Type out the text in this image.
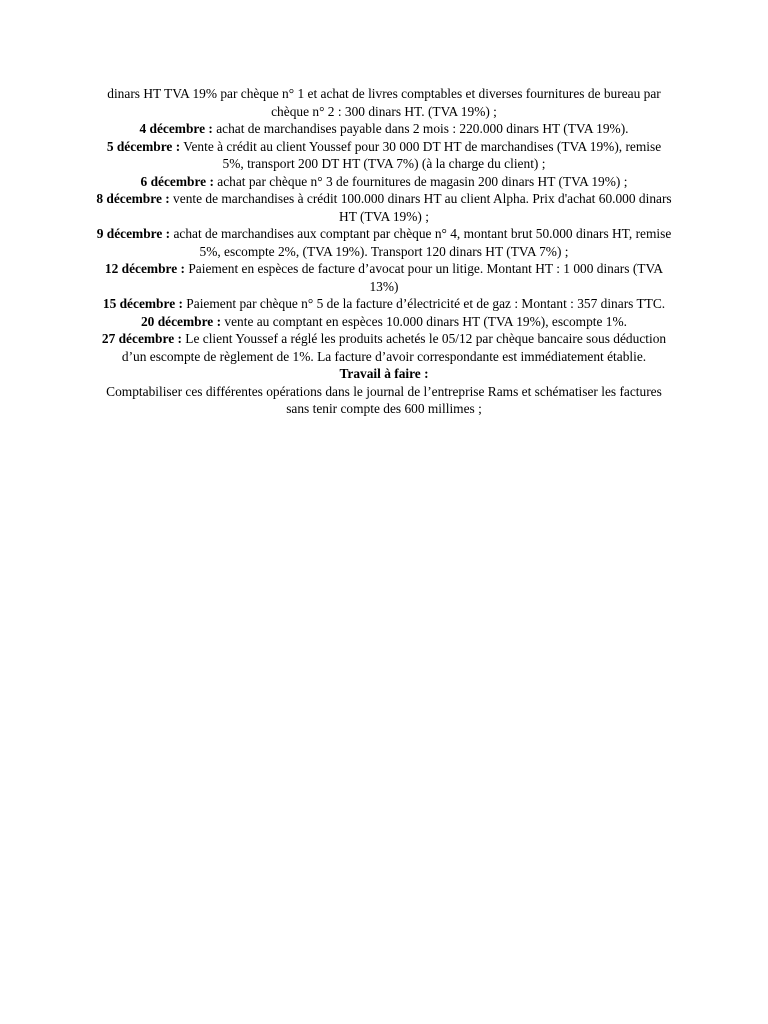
dinars HT TVA 19% par chèque n° 1 et achat de livres comptables et diverses fournitures de bureau par chèque n° 2 : 300 dinars HT. (TVA 19%) ;

4 décembre : achat de marchandises payable dans 2 mois : 220.000 dinars HT (TVA 19%).

5 décembre : Vente à crédit au client Youssef pour 30 000 DT HT de marchandises (TVA 19%), remise 5%, transport 200 DT HT (TVA 7%) (à la charge du client) ;

6 décembre : achat par chèque n° 3 de fournitures de magasin 200 dinars HT (TVA 19%) ;

8 décembre : vente de marchandises à crédit 100.000 dinars HT au client Alpha. Prix d'achat 60.000 dinars HT (TVA 19%) ;

9 décembre : achat de marchandises aux comptant par chèque n° 4, montant brut 50.000 dinars HT, remise 5%, escompte 2%, (TVA 19%). Transport 120 dinars HT (TVA 7%) ;

12 décembre : Paiement en espèces de facture d’avocat pour un litige. Montant HT : 1 000 dinars (TVA 13%)

15 décembre : Paiement par chèque n° 5 de la facture d’électricité et de gaz : Montant : 357 dinars TTC.

20 décembre : vente au comptant en espèces 10.000 dinars HT (TVA 19%), escompte 1%.

27 décembre : Le client Youssef a réglé les produits achetés le 05/12 par chèque bancaire sous déduction d’un escompte de règlement de 1%. La facture d’avoir correspondante est immédiatement établie.

Travail à faire :

Comptabiliser ces différentes opérations dans le journal de l’entreprise Rams et schématiser les factures sans tenir compte des 600 millimes ;
